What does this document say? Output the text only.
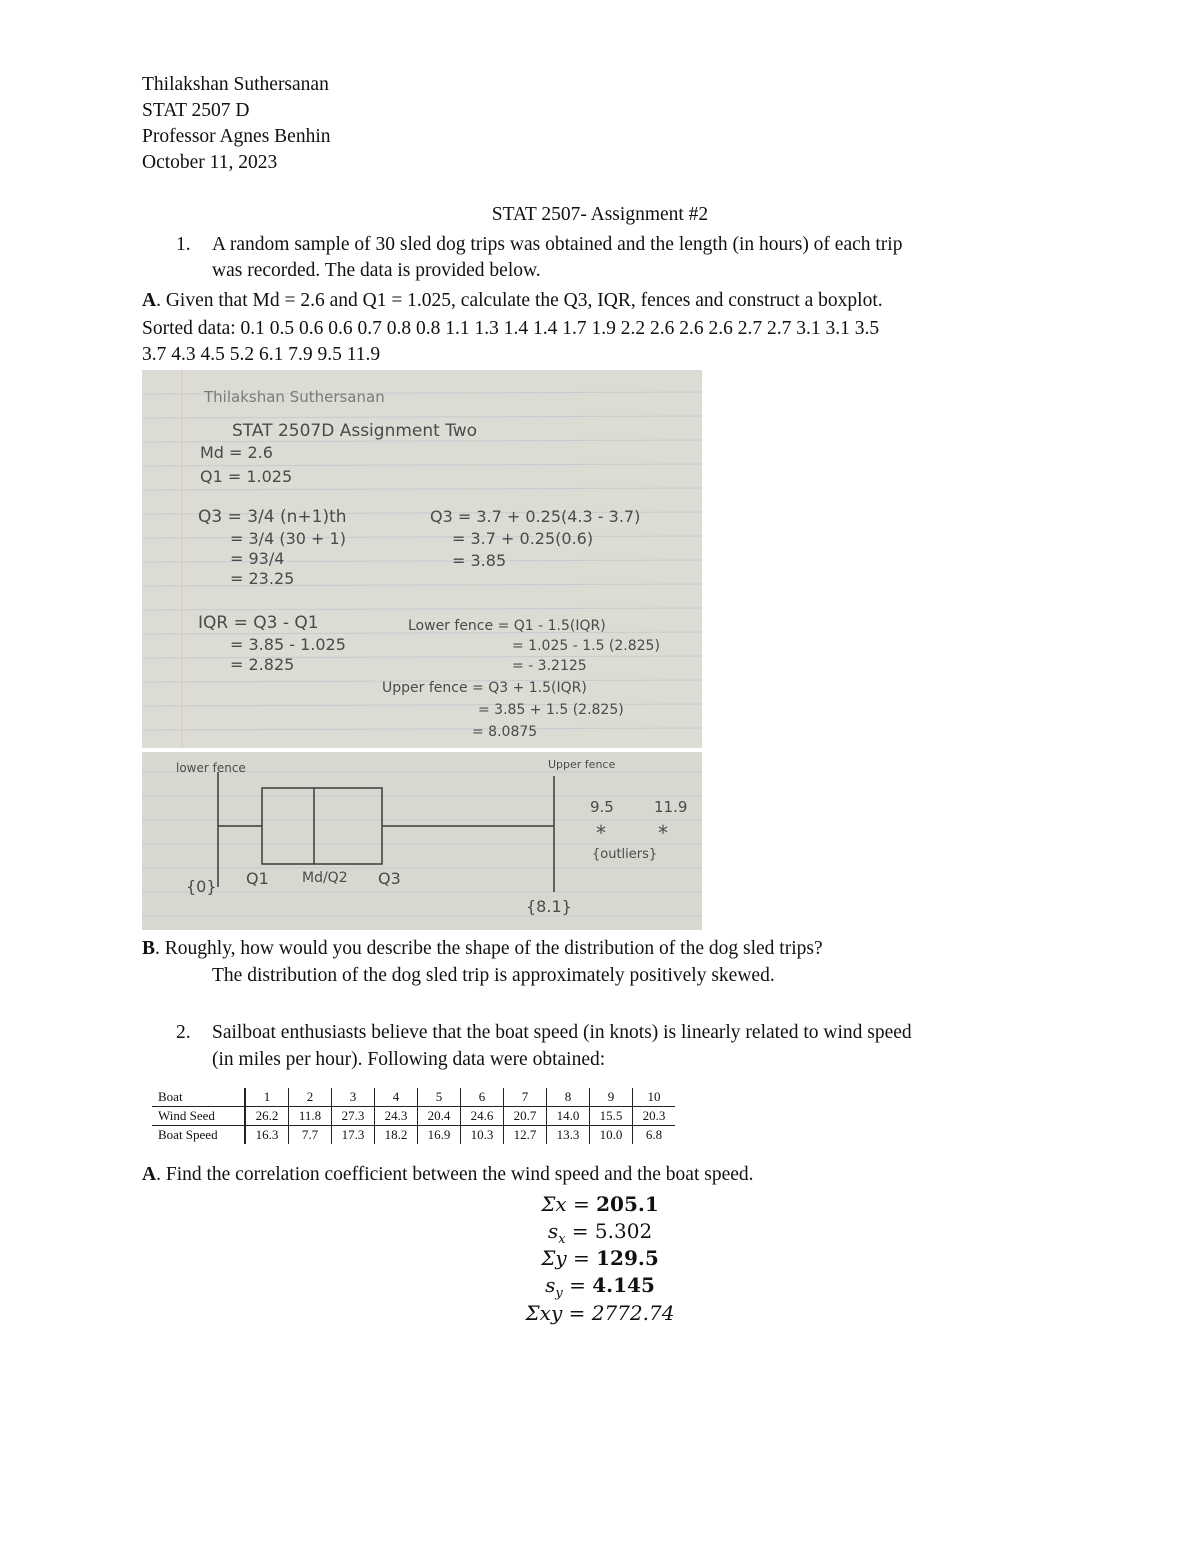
Thilakshan Suthersanan
STAT 2507 D
Professor Agnes Benhin
October 11, 2023
STAT 2507- Assignment #2
1. A random sample of 30 sled dog trips was obtained and the length (in hours) of each trip
was recorded. The data is provided below.
A. Given that Md = 2.6 and Q1 = 1.025, calculate the Q3, IQR, fences and construct a boxplot.
Sorted data: 0.1 0.5 0.6 0.6 0.7 0.8 0.8 1.1 1.3 1.4 1.4 1.7 1.9 2.2 2.6 2.6 2.6 2.7 2.7 3.1 3.1 3.5
3.7 4.3 4.5 5.2 6.1 7.9 9.5 11.9
Thilakshan Suthersanan
STAT 2507D Assignment Two
Md = 2.6
Q1 = 1.025
Q3 = 3/4 (n+1)th
= 3/4 (30 + 1)
= 93/4
= 23.25
Q3 = 3.7 + 0.25(4.3 - 3.7)
= 3.7 + 0.25(0.6)
= 3.85
IQR = Q3 - Q1
= 3.85 - 1.025
= 2.825
Lower fence = Q1 - 1.5(IQR)
= 1.025 - 1.5 (2.825)
= - 3.2125
Upper fence = Q3 + 1.5(IQR)
= 3.85 + 1.5 (2.825)
= 8.0875
lower fence	Upper fence
9.5	11.9
*	*
{outliers}
{0} Q1 Md/Q2 Q3
{8.1}
B. Roughly, how would you describe the shape of the distribution of the dog sled trips?
The distribution of the dog sled trip is approximately positively skewed.
2. Sailboat enthusiasts believe that the boat speed (in knots) is linearly related to wind speed
(in miles per hour). Following data were obtained:
Boat	1	2	3	4	5	6	7	8	9	10
Wind Seed	26.2	11.8	27.3	24.3	20.4	24.6	20.7	14.0	15.5	20.3
Boat Speed	16.3	7.7	17.3	18.2	16.9	10.3	12.7	13.3	10.0	6.8
A. Find the correlation coefficient between the wind speed and the boat speed.
Σx = 205.1
$s_x = 5.302$
Σy = 129.5
$s_y = 4.145$
Σxy = 2772.74
